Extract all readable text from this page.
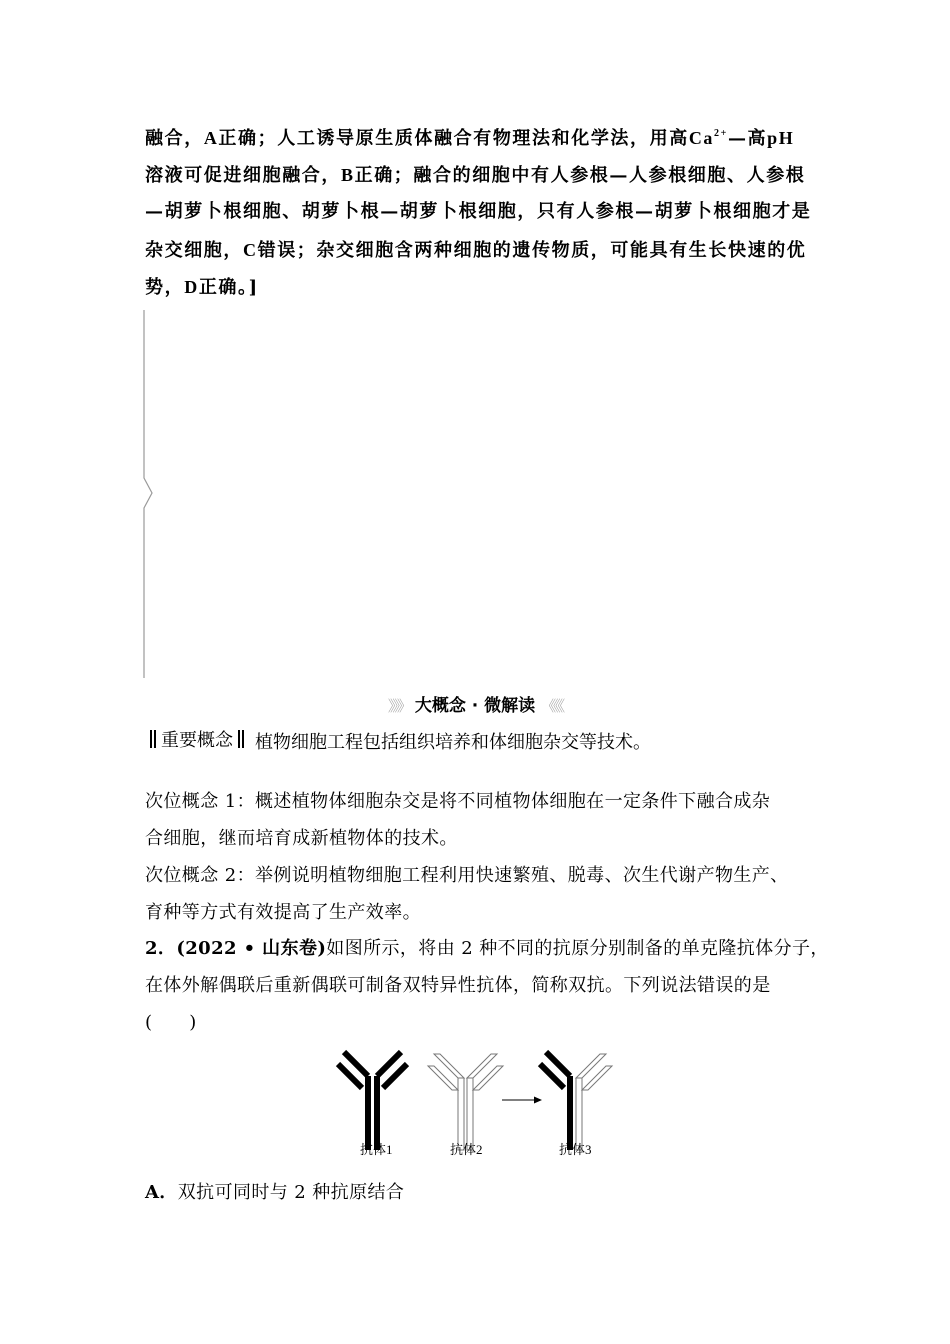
融合，A正确；人工诱导原生质体融合有物理法和化学法，用高$Ca^{2+}—$高pH
溶液可促进细胞融合，B正确；融合的细胞中有人参根—人参根细胞、人参根
—胡萝卜根细胞、胡萝卜根—胡萝卜根细胞，只有人参根—胡萝卜根细胞才是
杂交细胞，C错误；杂交细胞含两种细胞的遗传物质，可能具有生长快速的优
势，D正确。]
》》》 大概念 · 微解读 《《《
重要概念	植物细胞工程包括组织培养和体细胞杂交等技术。
次位概念 1：概述植物体细胞杂交是将不同植物体细胞在一定条件下融合成杂
合细胞，继而培育成新植物体的技术。
次位概念 2：举例说明植物细胞工程利用快速繁殖、脱毒、次生代谢产物生产、
育种等方式有效提高了生产效率。
2．(2022 • 山东卷)如图所示，将由 2 种不同的抗原分别制备的单克隆抗体分子，
在体外解偶联后重新偶联可制备双特异性抗体，简称双抗。下列说法错误的是
(　　)
抗体1	抗体2	抗体3
A．双抗可同时与 2 种抗原结合
